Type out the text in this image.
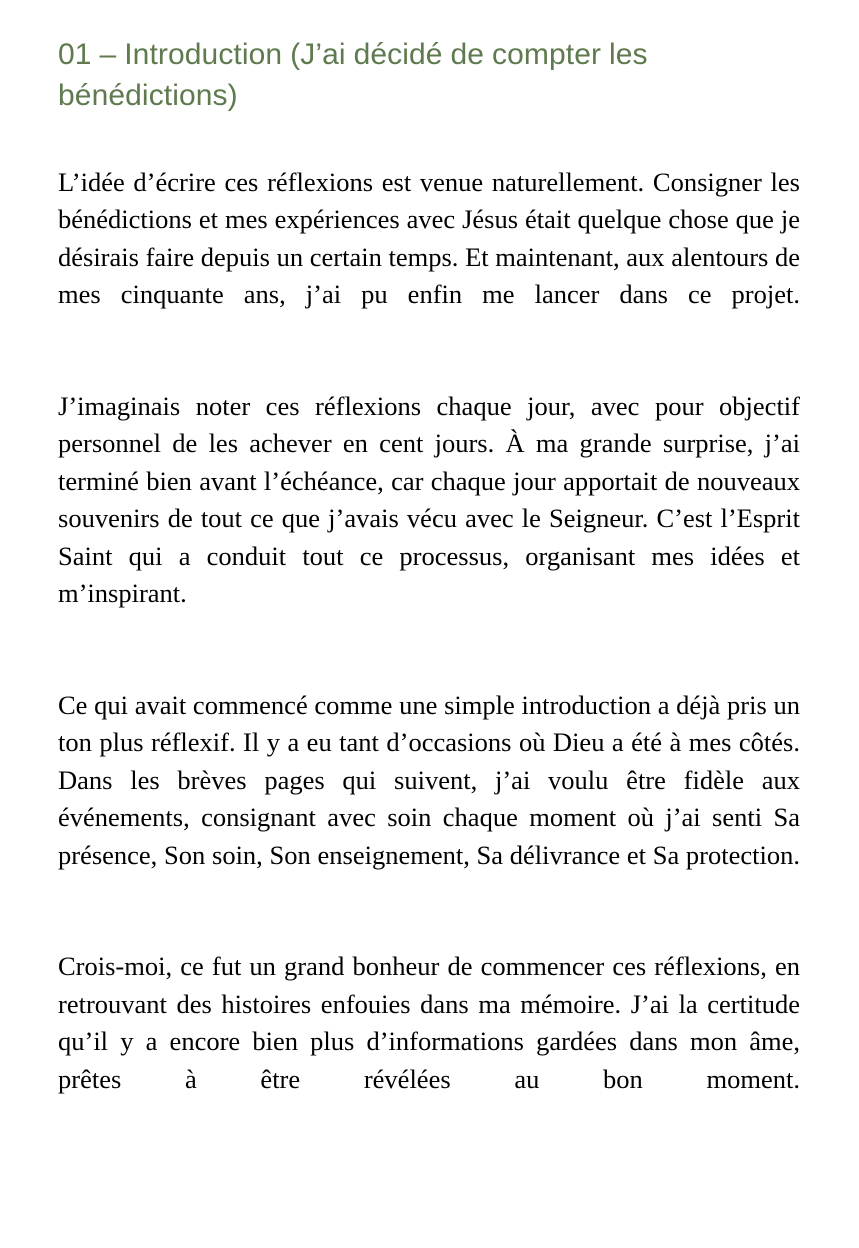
01 – Introduction (J’ai décidé de compter les bénédictions)

L’idée d’écrire ces réflexions est venue naturellement. Consigner les bénédictions et mes expériences avec Jésus était quelque chose que je désirais faire depuis un certain temps. Et maintenant, aux alentours de mes cinquante ans, j’ai pu enfin me lancer dans ce projet.

J’imaginais noter ces réflexions chaque jour, avec pour objectif personnel de les achever en cent jours. À ma grande surprise, j’ai terminé bien avant l’échéance, car chaque jour apportait de nouveaux souvenirs de tout ce que j’avais vécu avec le Seigneur. C’est l’Esprit Saint qui a conduit tout ce processus, organisant mes idées et m’inspirant.

Ce qui avait commencé comme une simple introduction a déjà pris un ton plus réflexif. Il y a eu tant d’occasions où Dieu a été à mes côtés. Dans les brèves pages qui suivent, j’ai voulu être fidèle aux événements, consignant avec soin chaque moment où j’ai senti Sa présence, Son soin, Son enseignement, Sa délivrance et Sa protection.

Crois-moi, ce fut un grand bonheur de commencer ces réflexions, en retrouvant des histoires enfouies dans ma mémoire. J’ai la certitude qu’il y a encore bien plus d’informations gardées dans mon âme, prêtes à être révélées au bon moment.
